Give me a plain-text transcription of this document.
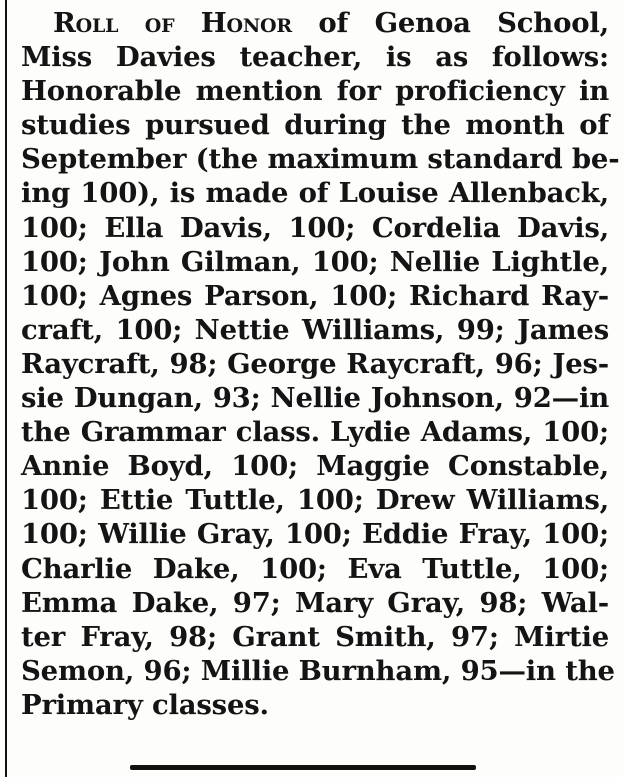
Roll of Honor of Genoa School,
Miss Davies teacher, is as follows:
Honorable mention for proficiency in
studies pursued during the month of
September (the maximum standard be-
ing 100), is made of Louise Allenback,
100; Ella Davis, 100; Cordelia Davis,
100; John Gilman, 100; Nellie Lightle,
100; Agnes Parson, 100; Richard Ray-
craft, 100; Nettie Williams, 99; James
Raycraft, 98; George Raycraft, 96; Jes-
sie Dungan, 93; Nellie Johnson, 92—in
the Grammar class. Lydie Adams, 100;
Annie Boyd, 100; Maggie Constable,
100; Ettie Tuttle, 100; Drew Williams,
100; Willie Gray, 100; Eddie Fray, 100;
Charlie Dake, 100; Eva Tuttle, 100;
Emma Dake, 97; Mary Gray, 98; Wal-
ter Fray, 98; Grant Smith, 97; Mirtie
Semon, 96; Millie Burnham, 95—in the
Primary classes.
